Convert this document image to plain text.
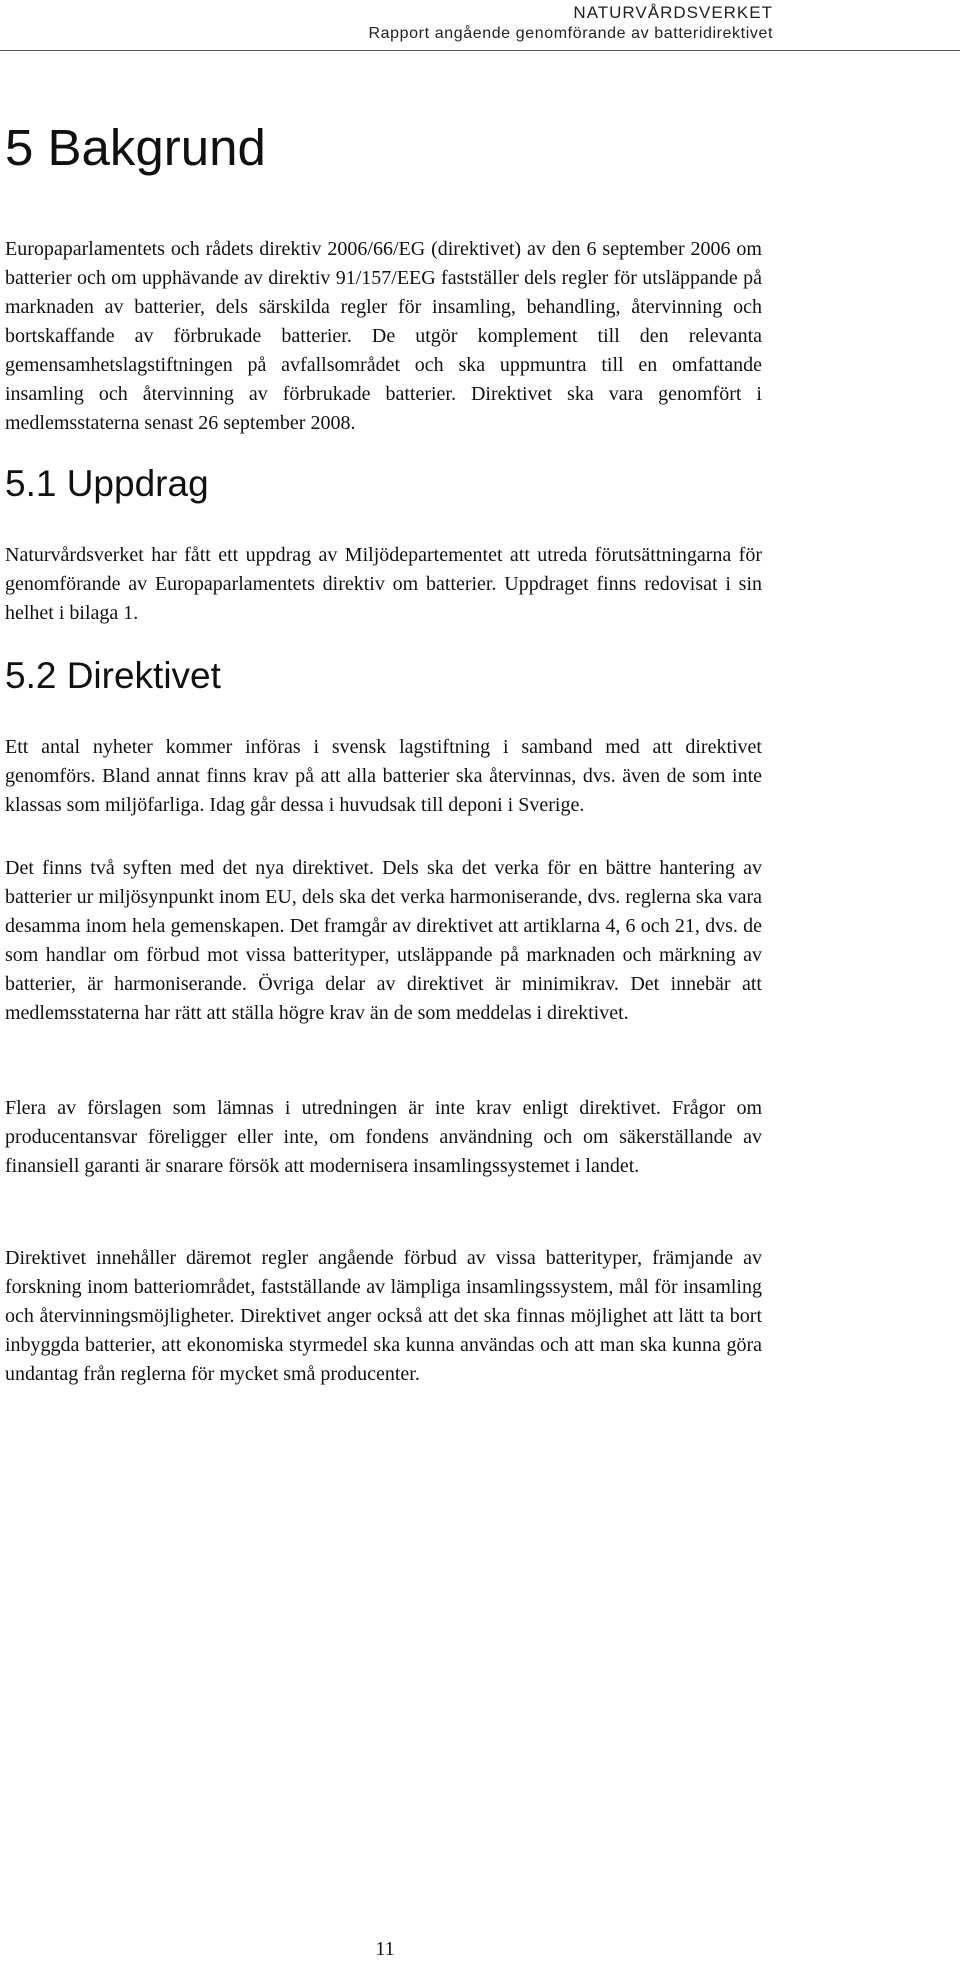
NATURVÅRDSVERKET
Rapport angående genomförande av batteridirektivet
5 Bakgrund

Europaparlamentets och rådets direktiv 2006/66/EG (direktivet) av den 6 september 2006 om batterier och om upphävande av direktiv 91/157/EEG fastställer dels regler för utsläppande på marknaden av batterier, dels särskilda regler för insamling, behandling, återvinning och bortskaffande av förbrukade batterier. De utgör komplement till den relevanta gemensamhetslagstiftningen på avfallsområdet och ska uppmuntra till en omfattande insamling och återvinning av förbrukade batterier. Direktivet ska vara genomfört i medlemsstaterna senast 26 september 2008.

5.1 Uppdrag

Naturvårdsverket har fått ett uppdrag av Miljödepartementet att utreda förutsättningarna för genomförande av Europaparlamentets direktiv om batterier. Uppdraget finns redovisat i sin helhet i bilaga 1.

5.2 Direktivet

Ett antal nyheter kommer införas i svensk lagstiftning i samband med att direktivet genomförs. Bland annat finns krav på att alla batterier ska återvinnas, dvs. även de som inte klassas som miljöfarliga. Idag går dessa i huvudsak till deponi i Sverige.

Det finns två syften med det nya direktivet. Dels ska det verka för en bättre hantering av batterier ur miljösynpunkt inom EU, dels ska det verka harmoniserande, dvs. reglerna ska vara desamma inom hela gemenskapen. Det framgår av direktivet att artiklarna 4, 6 och 21, dvs. de som handlar om förbud mot vissa batterityper, utsläppande på marknaden och märkning av batterier, är harmoniserande. Övriga delar av direktivet är minimikrav. Det innebär att medlemsstaterna har rätt att ställa högre krav än de som meddelas i direktivet.

Flera av förslagen som lämnas i utredningen är inte krav enligt direktivet. Frågor om producentansvar föreligger eller inte, om fondens användning och om säkerställande av finansiell garanti är snarare försök att modernisera insamlingssystemet i landet.

Direktivet innehåller däremot regler angående förbud av vissa batterityper, främjande av forskning inom batteriområdet, fastställande av lämpliga insamlingssystem, mål för insamling och återvinningsmöjligheter. Direktivet anger också att det ska finnas möjlighet att lätt ta bort inbyggda batterier, att ekonomiska styrmedel ska kunna användas och att man ska kunna göra undantag från reglerna för mycket små producenter.

11
